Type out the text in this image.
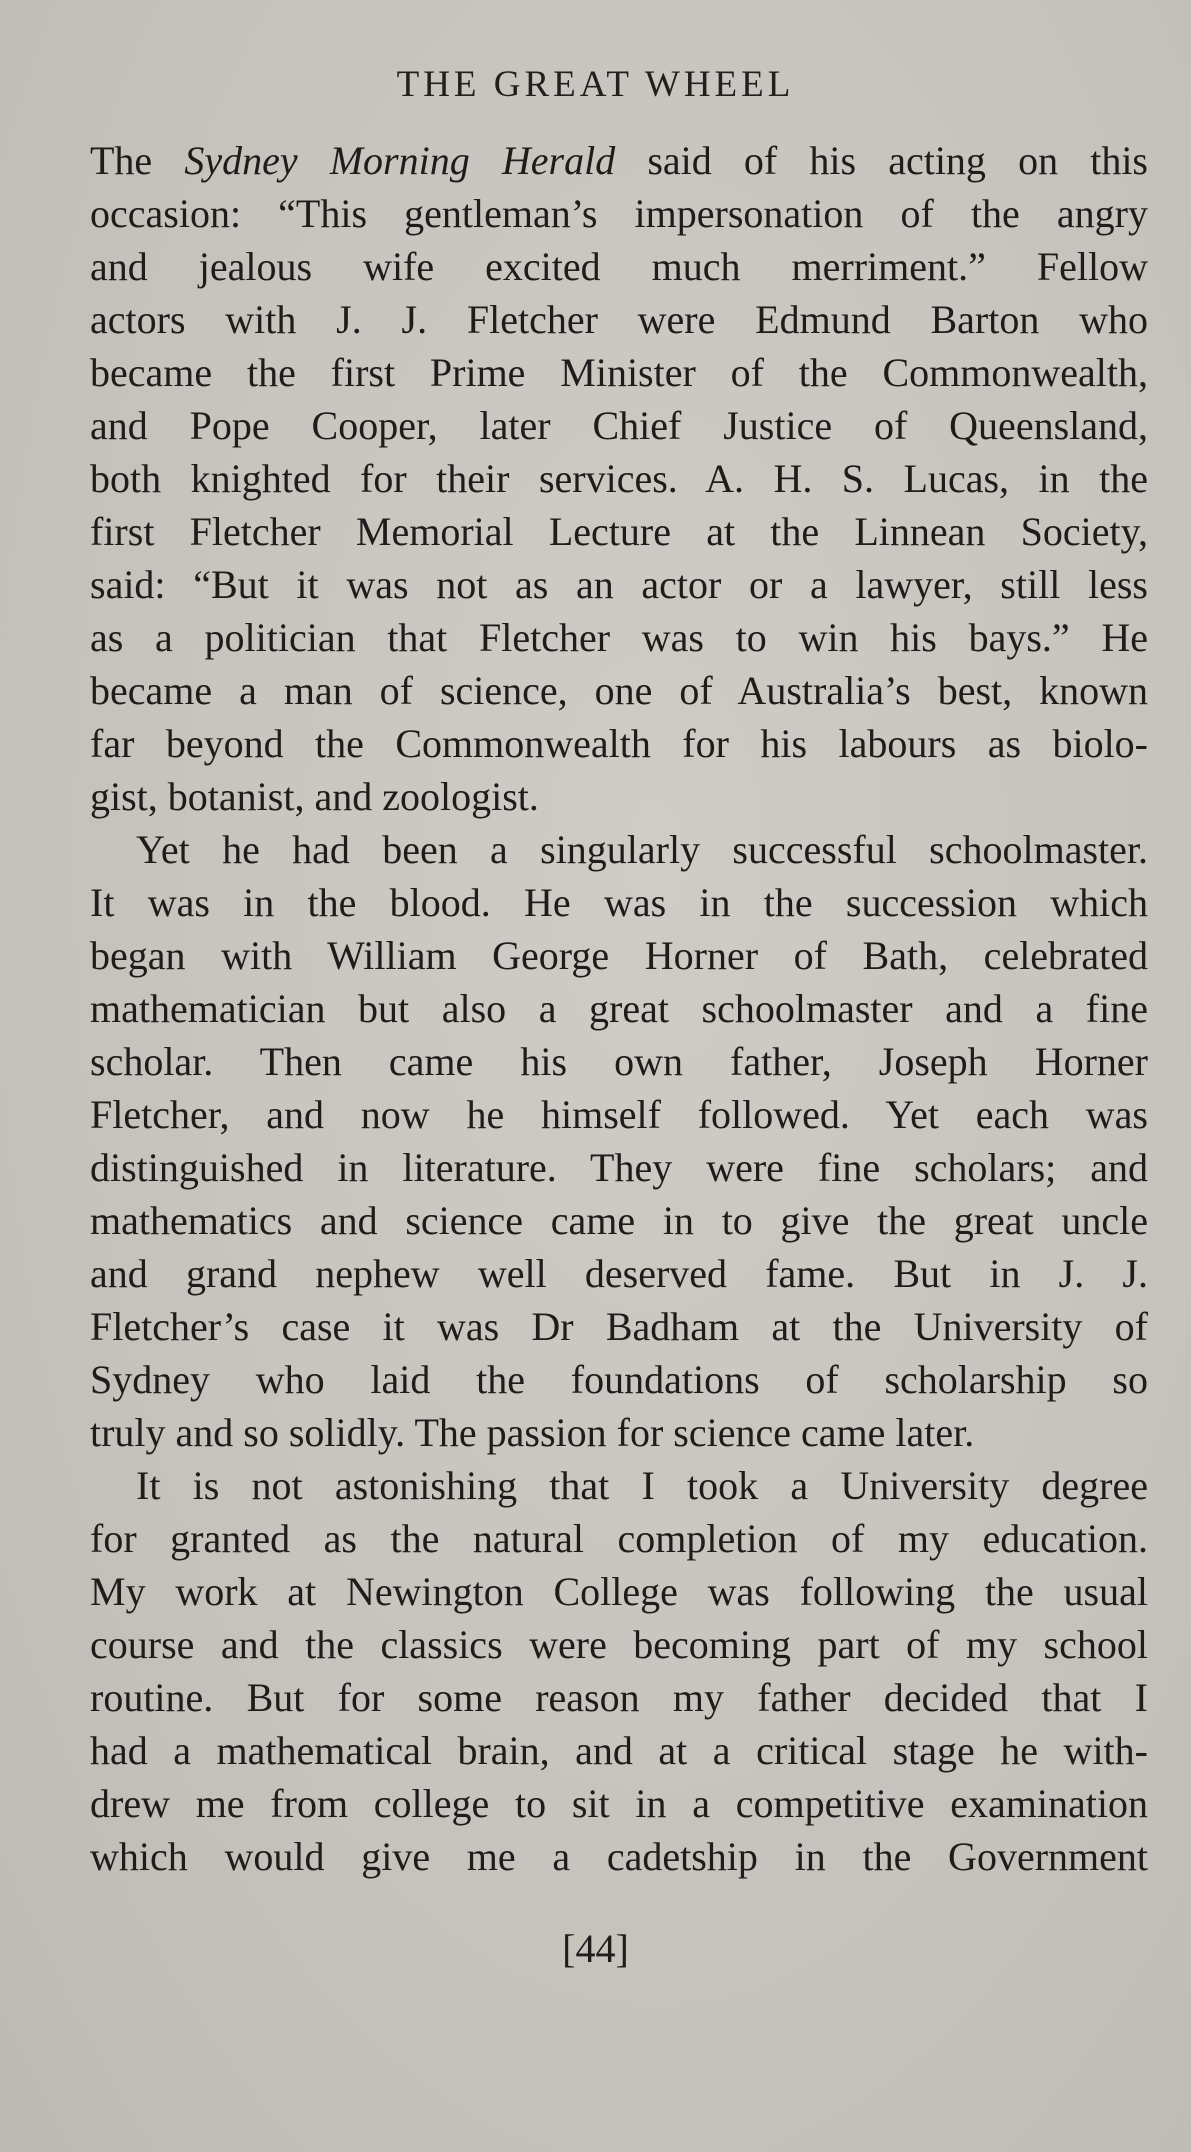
THE GREAT WHEEL
The Sydney Morning Herald said of his acting on this
occasion: “This gentleman’s impersonation of the angry
and jealous wife excited much merriment.” Fellow
actors with J. J. Fletcher were Edmund Barton who
became the first Prime Minister of the Commonwealth,
and Pope Cooper, later Chief Justice of Queensland,
both knighted for their services. A. H. S. Lucas, in the
first Fletcher Memorial Lecture at the Linnean Society,
said: “But it was not as an actor or a lawyer, still less
as a politician that Fletcher was to win his bays.” He
became a man of science, one of Australia’s best, known
far beyond the Commonwealth for his labours as biolo-
gist, botanist, and zoologist.
Yet he had been a singularly successful schoolmaster.
It was in the blood. He was in the succession which
began with William George Horner of Bath, celebrated
mathematician but also a great schoolmaster and a fine
scholar. Then came his own father, Joseph Horner
Fletcher, and now he himself followed. Yet each was
distinguished in literature. They were fine scholars; and
mathematics and science came in to give the great uncle
and grand nephew well deserved fame. But in J. J.
Fletcher’s case it was Dr Badham at the University of
Sydney who laid the foundations of scholarship so
truly and so solidly. The passion for science came later.
It is not astonishing that I took a University degree
for granted as the natural completion of my education.
My work at Newington College was following the usual
course and the classics were becoming part of my school
routine. But for some reason my father decided that I
had a mathematical brain, and at a critical stage he with-
drew me from college to sit in a competitive examination
which would give me a cadetship in the Government
[44]
